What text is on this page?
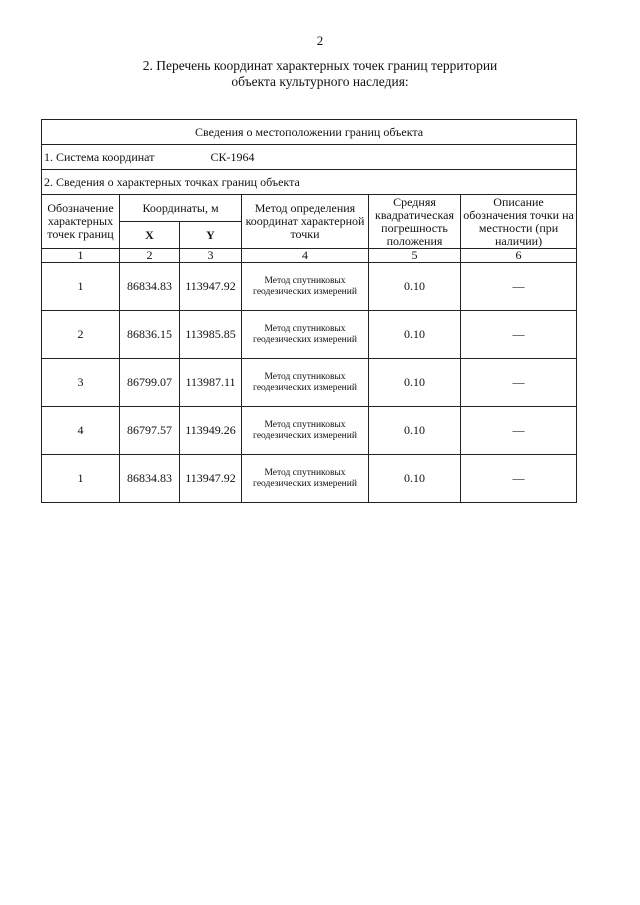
2
2. Перечень координат характерных точек границ территории
объекта культурного наследия:
Сведения о местоположении границ объекта					
1. Система координат СК-1964					
2. Сведения о характерных точках границ объекта					
Обозначение характерных точек границ	Координаты, м		Метод определения координат характерной точки	Средняя квадратическая погрешность положения	Описание обозначения точки на местности (при наличии)
	X	Y			
1	2	3	4	5	6
1	86834.83	113947.92	Метод спутниковых геодезических измерений	0.10	—
2	86836.15	113985.85	Метод спутниковых геодезических измерений	0.10	—
3	86799.07	113987.11	Метод спутниковых геодезических измерений	0.10	—
4	86797.57	113949.26	Метод спутниковых геодезических измерений	0.10	—
1	86834.83	113947.92	Метод спутниковых геодезических измерений	0.10	—
